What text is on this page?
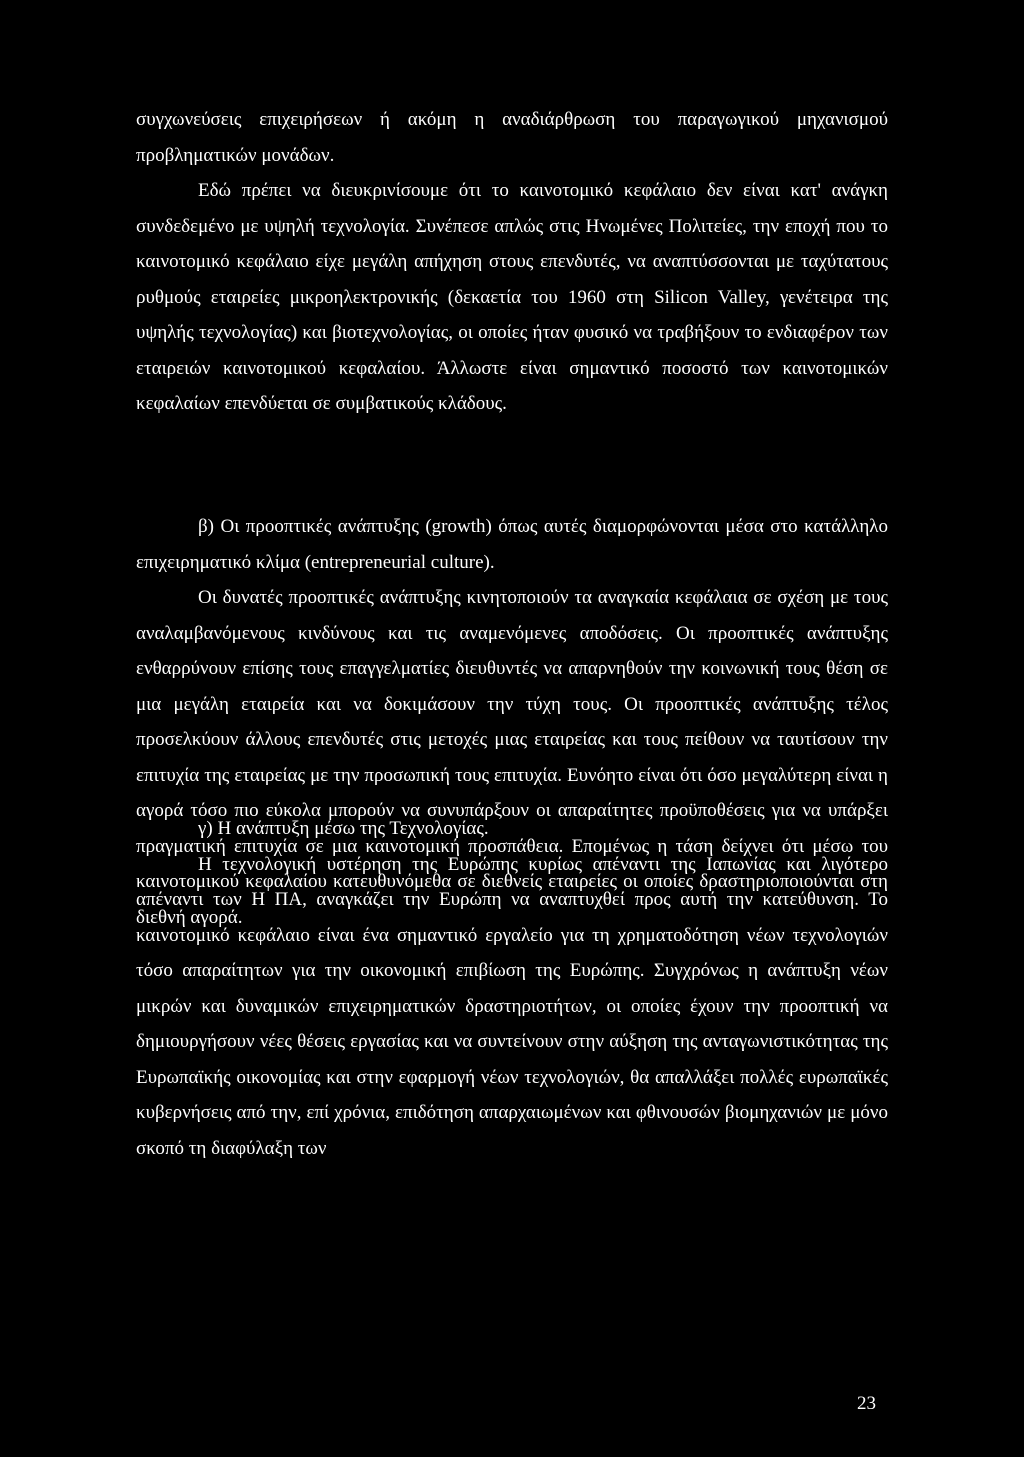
συγχωνεύσεις επιχειρήσεων ή ακόμη η αναδιάρθρωση του παραγωγικού μηχανισμού προβληματικών μονάδων.

Εδώ πρέπει να διευκρινίσουμε ότι το καινοτομικό κεφάλαιο δεν είναι κατ' ανάγκη συνδεδεμένο με υψηλή τεχνολογία. Συνέπεσε απλώς στις Ηνωμένες Πολιτείες, την εποχή που το καινοτομικό κεφάλαιο είχε μεγάλη απήχηση στους επενδυτές, να αναπτύσσονται με ταχύτατους ρυθμούς εταιρείες μικροηλεκτρονικής (δεκαετία του 1960 στη Silicon Valley, γενέτειρα της υψηλής τεχνολογίας) και βιοτεχνολογίας, οι οποίες ήταν φυσικό να τραβήξουν το ενδιαφέρον των εταιρειών καινοτομικού κεφαλαίου. Άλλωστε είναι σημαντικό ποσοστό των καινοτομικών κεφαλαίων επενδύεται σε συμβατικούς κλάδους.

β) Οι προοπτικές ανάπτυξης (growth) όπως αυτές διαμορφώνονται μέσα στο κατάλληλο επιχειρηματικό κλίμα (entrepreneurial culture).

Οι δυνατές προοπτικές ανάπτυξης κινητοποιούν τα αναγκαία κεφάλαια σε σχέση με τους αναλαμβανόμενους κινδύνους και τις αναμενόμενες αποδόσεις. Οι προοπτικές ανάπτυξης ενθαρρύνουν επίσης τους επαγγελματίες διευθυντές να απαρνηθούν την κοινωνική τους θέση σε μια μεγάλη εταιρεία και να δοκιμάσουν την τύχη τους. Οι προοπτικές ανάπτυξης τέλος προσελκύουν άλλους επενδυτές στις μετοχές μιας εταιρείας και τους πείθουν να ταυτίσουν την επιτυχία της εταιρείας με την προσωπική τους επιτυχία. Ευνόητο είναι ότι όσο μεγαλύτερη είναι η αγορά τόσο πιο εύκολα μπορούν να συνυπάρξουν οι απαραίτητες προϋποθέσεις για να υπάρξει πραγματική επιτυχία σε μια καινοτομική προσπάθεια. Επομένως η τάση δείχνει ότι μέσω του καινοτομικού κεφαλαίου κατευθυνόμεθα σε διεθνείς εταιρείες οι οποίες δραστηριοποιούνται στη διεθνή αγορά.

γ) Η ανάπτυξη μέσω της Τεχνολογίας.

Η τεχνολογική υστέρηση της Ευρώπης κυρίως απέναντι της Ιαπωνίας και λιγότερο απέναντι των Η ΠΑ, αναγκάζει την Ευρώπη να αναπτυχθεί προς αυτή την κατεύθυνση. Το καινοτομικό κεφάλαιο είναι ένα σημαντικό εργαλείο για τη χρηματοδότηση νέων τεχνολογιών τόσο απαραίτητων για την οικονομική επιβίωση της Ευρώπης. Συγχρόνως η ανάπτυξη νέων μικρών και δυναμικών επιχειρηματικών δραστηριοτήτων, οι οποίες έχουν την προοπτική να δημιουργήσουν νέες θέσεις εργασίας και να συντείνουν στην αύξηση της ανταγωνιστικότητας της Ευρωπαϊκής οικονομίας και στην εφαρμογή νέων τεχνολογιών, θα απαλλάξει πολλές ευρωπαϊκές κυβερνήσεις από την, επί χρόνια, επιδότηση απαρχαιωμένων και φθινουσών βιομηχανιών με μόνο σκοπό τη διαφύλαξη των

23
